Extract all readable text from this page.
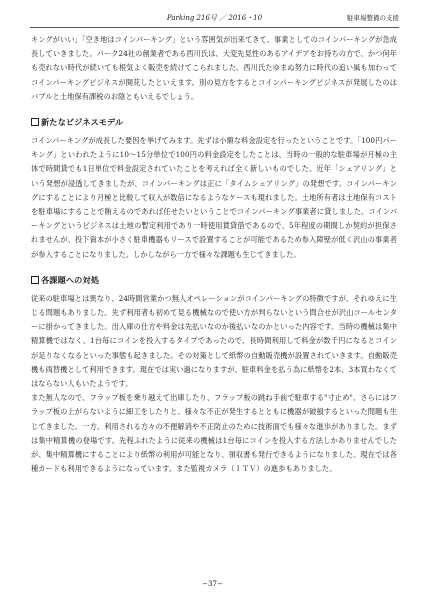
Parking 216号 ／ 2016・10	駐車場整備の支援

キングがいい」「空き地はコインパーキング」という雰囲気が出来てきて、事業としてのコインパーキングが急成長していきました。パーク24社の創業者である西川氏は、大変先見性のあるアイデアをお持ちの方で、かつ何年も売れない時代が続いても根気よく販売を続けてこられました。西川氏たゆまぬ努力に時代の追い風も加わってコインパーキングビジネスが開花したといえます。別の見方をするとコインパーキングビジネスが発展したのはバブルと土地保有課税のお陰ともいえるでしょう。

新たなビジネスモデル

コインパーキングが成長した要因を挙げてみます。先ずは小額な料金設定を行ったということです。「100円パーキング」といわれたように10〜15分単位で100円の料金設定をしたことは、当時の一般的な駐車場が月極の主体で時間貸でも1日単位で料金設定されていたことを考えれば全く新しいものでした。近年「シェアリング」という発想が浸透してきましたが、コインパーキングは正に「タイムシェアリング」の発想です。コインパーキングにすることにより月極と比較して収入が数倍になるようなケースも現れました。土地所有者は土地保有コストを駐車場にすることで賄えるのであれば任せたいということでコインパーキング事業者に貸しました。コインパーキングというビジネスは土地の暫定利用であり一時使用賃貸借であるので、5年程度の期間しか契約が担保されませんが、投下資本が小さく駐車機器もリースで設置することが可能であるため参入障壁が低く沢山の事業者が参入することになりました。しかしながら一方で様々な課題も生じてきました。

各課題への対処

従来の駐車場とは異なり、24時間営業かつ無人オペレーションがコインパーキングの特徴ですが、それゆえに生じる問題もありました。先ず利用者も初めて見る機械なので使い方が判らないという問合せが沢山コールセンターに掛かってきました。出入庫の仕方や料金は先払いなのか後払いなのかといった内容です。当時の機械は集中精算機ではなく、1台毎にコインを投入するタイプであったので、長時間利用して料金が数千円になるとコインが足りなくなるといった事態も起きました。その対策として紙幣の自動販売機が設置されていきます。自動販売機も両替機として利用できます。現在では実い過になりますが、駐車料金を払う為に紙幣を2本、3本買わなくてはならない人もいたようです。

また無人なので、フラップ板を乗り越えて出庫したり、フラップ板の跳ね手前で駐車する"寸止め"、さらにはフラップ板の上がらないように細工をしたりと、様々な不正が発生するとともに機器が破損するといった問題も生じてきました。一方、利用される方々の不便解消や不正防止のために技術面でも様々な進歩がありました。まずは集中精算機の登場です。先程ふれたように従来の機械は1台毎にコインを投入する方法しかありませんでしたが、集中精算機にすることにより紙幣の利用が可能となり、領収書も発行できるようになりました。現在では各種カードも利用できるようになっています。また監視カメラ（ＩＴＶ）の進歩もありました。

−37−
